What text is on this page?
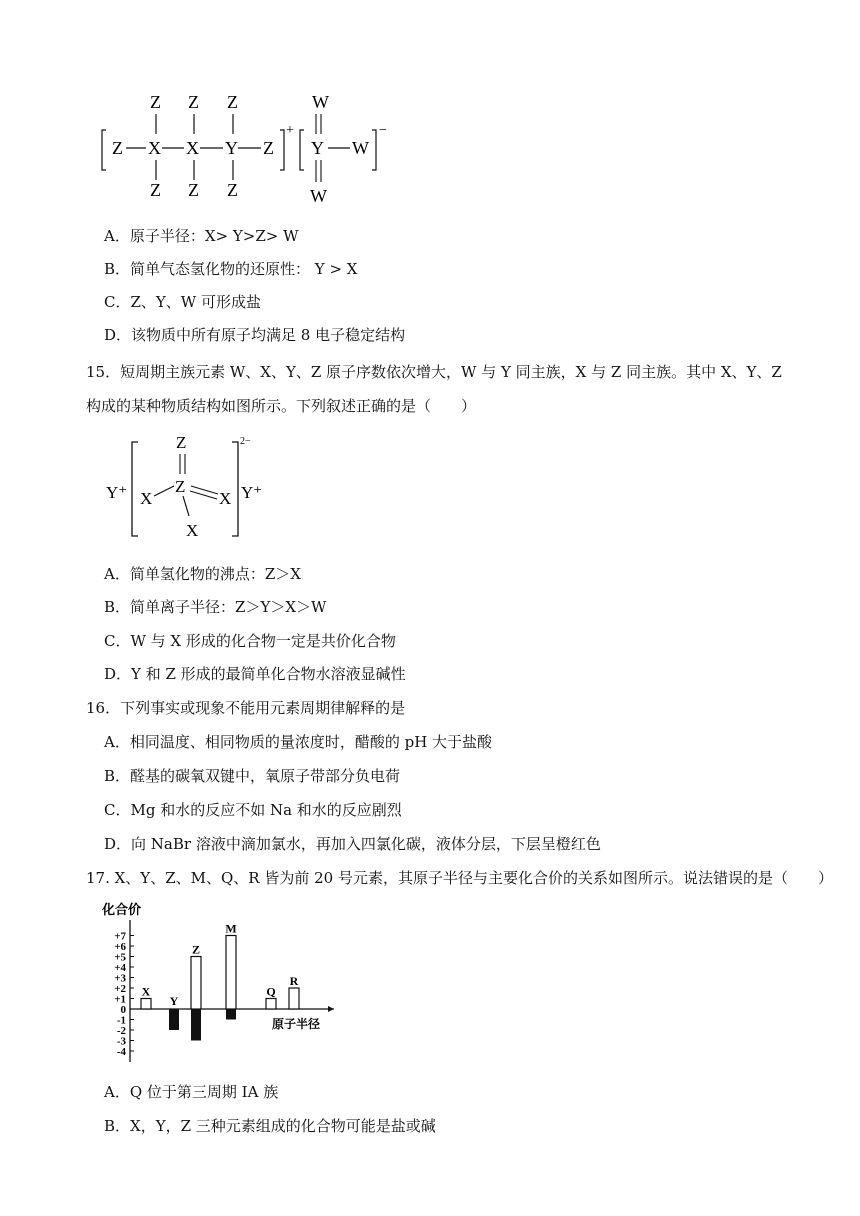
Z X X Y Z
Z Z Z
Z Z Z
+
W
Y W
W
−
A．原子半径：X> Y>Z> W
B．简单气态氢化物的还原性： Y > X
C．Z、Y、W 可形成盐
D．该物质中所有原子均满足 8 电子稳定结构
15．短周期主族元素 W、X、Y、Z 原子序数依次增大，W 与 Y 同主族，X 与 Z 同主族。其中 X、Y、Z
构成的某种物质结构如图所示。下列叙述正确的是（　　）
Y⁺
Z
Z
X	X
X
2−
Y⁺
A．简单氢化物的沸点：Z＞X
B．简单离子半径：Z＞Y＞X＞W
C．W 与 X 形成的化合物一定是共价化合物
D．Y 和 Z 形成的最简单化合物水溶液显碱性
16．下列事实或现象不能用元素周期律解释的是
A．相同温度、相同物质的量浓度时，醋酸的 pH 大于盐酸
B．醛基的碳氧双键中，氧原子带部分负电荷
C．Mg 和水的反应不如 Na 和水的反应剧烈
D．向 NaBr 溶液中滴加氯水，再加入四氯化碳，液体分层，下层呈橙红色
17. X、Y、Z、M、Q、R 皆为前 20 号元素，其原子半径与主要化合价的关系如图所示。说法错误的是（　　）
化合价
+7
+6
+5
+4
+3
+2
+1
0
-1
-2
-3
-4
原子半径
X
Y
Z
M
Q
R
A．Q 位于第三周期 IA 族
B．X，Y，Z 三种元素组成的化合物可能是盐或碱
